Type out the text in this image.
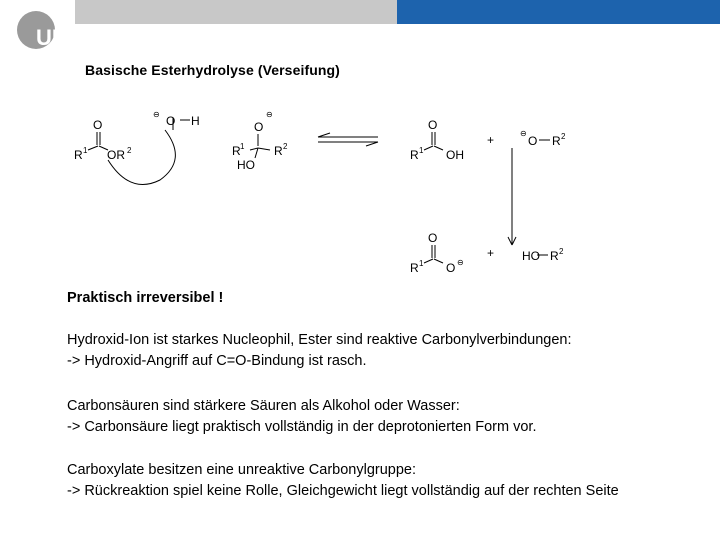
UR
Basische Esterhydrolyse (Verseifung)
O
R 1 OR 2
⊖ O H	O
⊖
R 1 R 2
HO
O
R 1 OH
+	⊖
O R 2
O
R 1 O ⊖
+ HO R 2
Praktisch irreversibel !
Hydroxid-Ion ist starkes Nucleophil, Ester sind reaktive Carbonylverbindungen:
-> Hydroxid-Angriff auf C=O-Bindung ist rasch.
Carbonsäuren sind stärkere Säuren als Alkohol oder Wasser:
-> Carbonsäure liegt praktisch vollständig in der deprotonierten Form vor.
Carboxylate besitzen eine unreaktive Carbonylgruppe:
-> Rückreaktion spiel keine Rolle, Gleichgewicht liegt vollständig auf der rechten Seite
